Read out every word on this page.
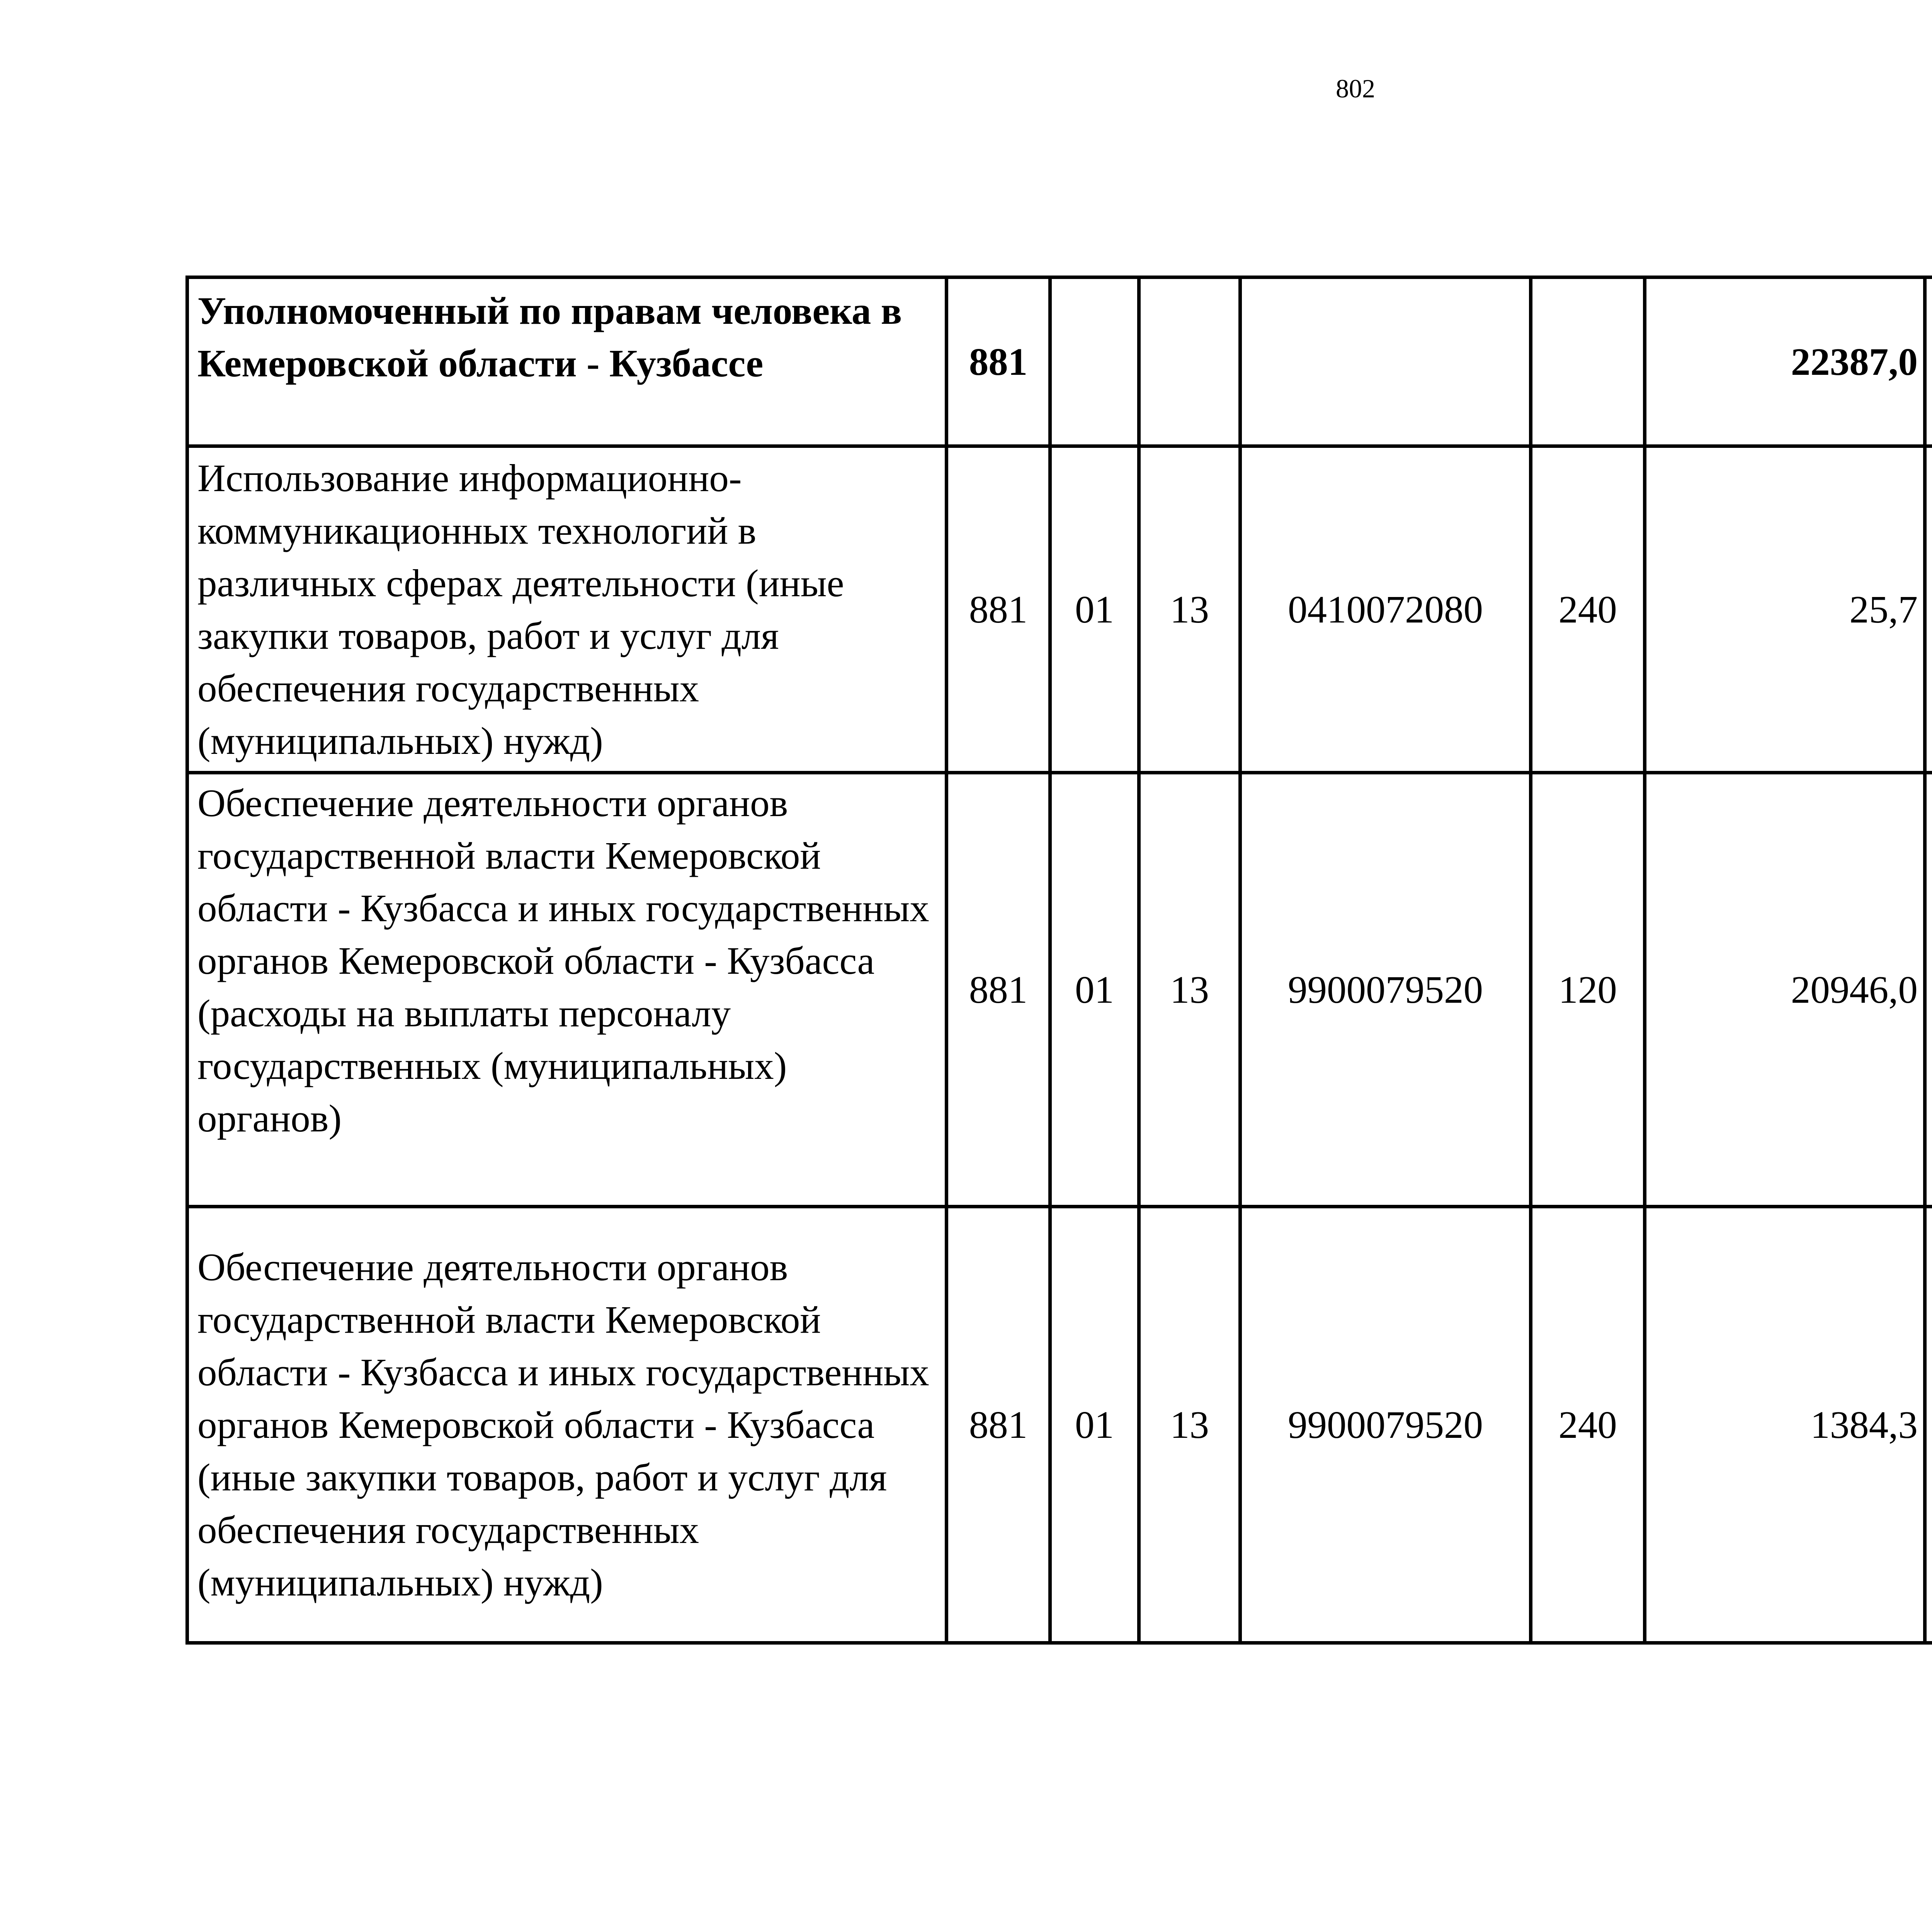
802
Уполномоченный по правам человека в Кемеровской области - Кузбассе	881					22387,0		
Использование информационно-коммуникационных технологий в различных сферах деятельности (иные закупки товаров, работ и услуг для обеспечения государственных (муниципальных) нужд)	881	01	13	0410072080	240	25,7		
Обеспечение деятельности органов государственной власти Кемеровской области - Кузбасса и иных государственных органов Кемеровской области - Кузбасса (расходы на выплаты персоналу государственных (муниципальных) органов)	881	01	13	9900079520	120	20946,0		
Обеспечение деятельности органов государственной власти Кемеровской области - Кузбасса и иных государственных органов Кемеровской области - Кузбасса (иные закупки товаров, работ и услуг для обеспечения государственных (муниципальных) нужд)	881	01	13	9900079520	240	1384,3		
